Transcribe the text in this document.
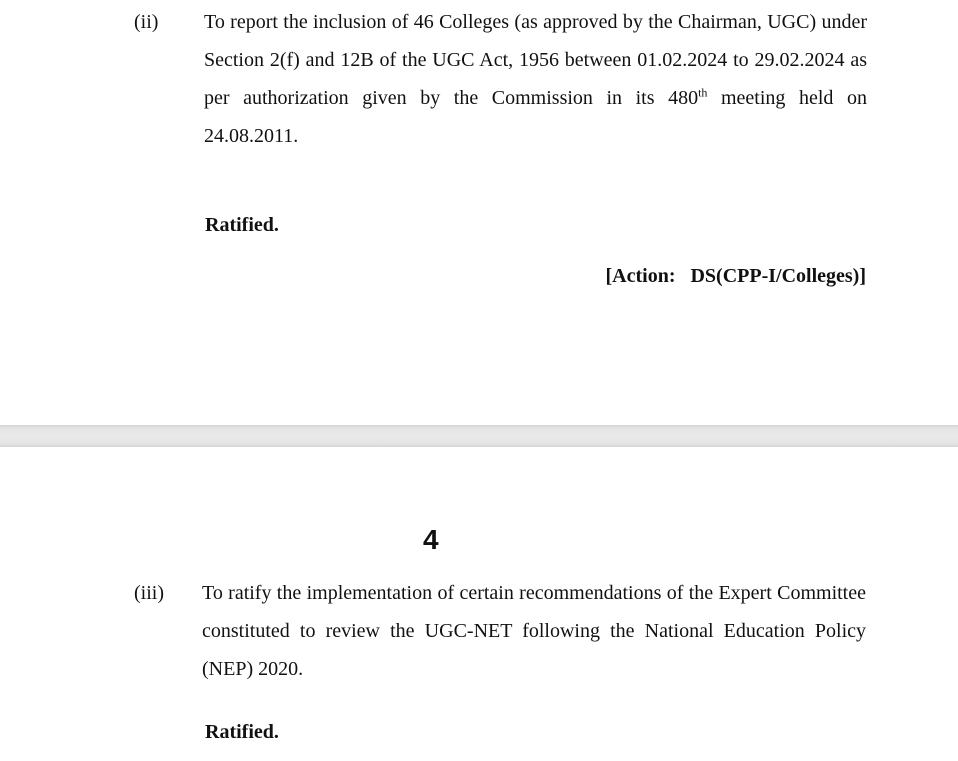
(ii) To report the inclusion of 46 Colleges (as approved by the Chairman, UGC) under Section 2(f) and 12B of the UGC Act, 1956 between 01.02.2024 to 29.02.2024 as per authorization given by the Commission in its 480th meeting held on 24.08.2011.

Ratified.
[Action:   DS(CPP-I/Colleges)]
4
(iii) To ratify the implementation of certain recommendations of the Expert Committee constituted to review the UGC-NET following the National Education Policy (NEP) 2020.

Ratified.
